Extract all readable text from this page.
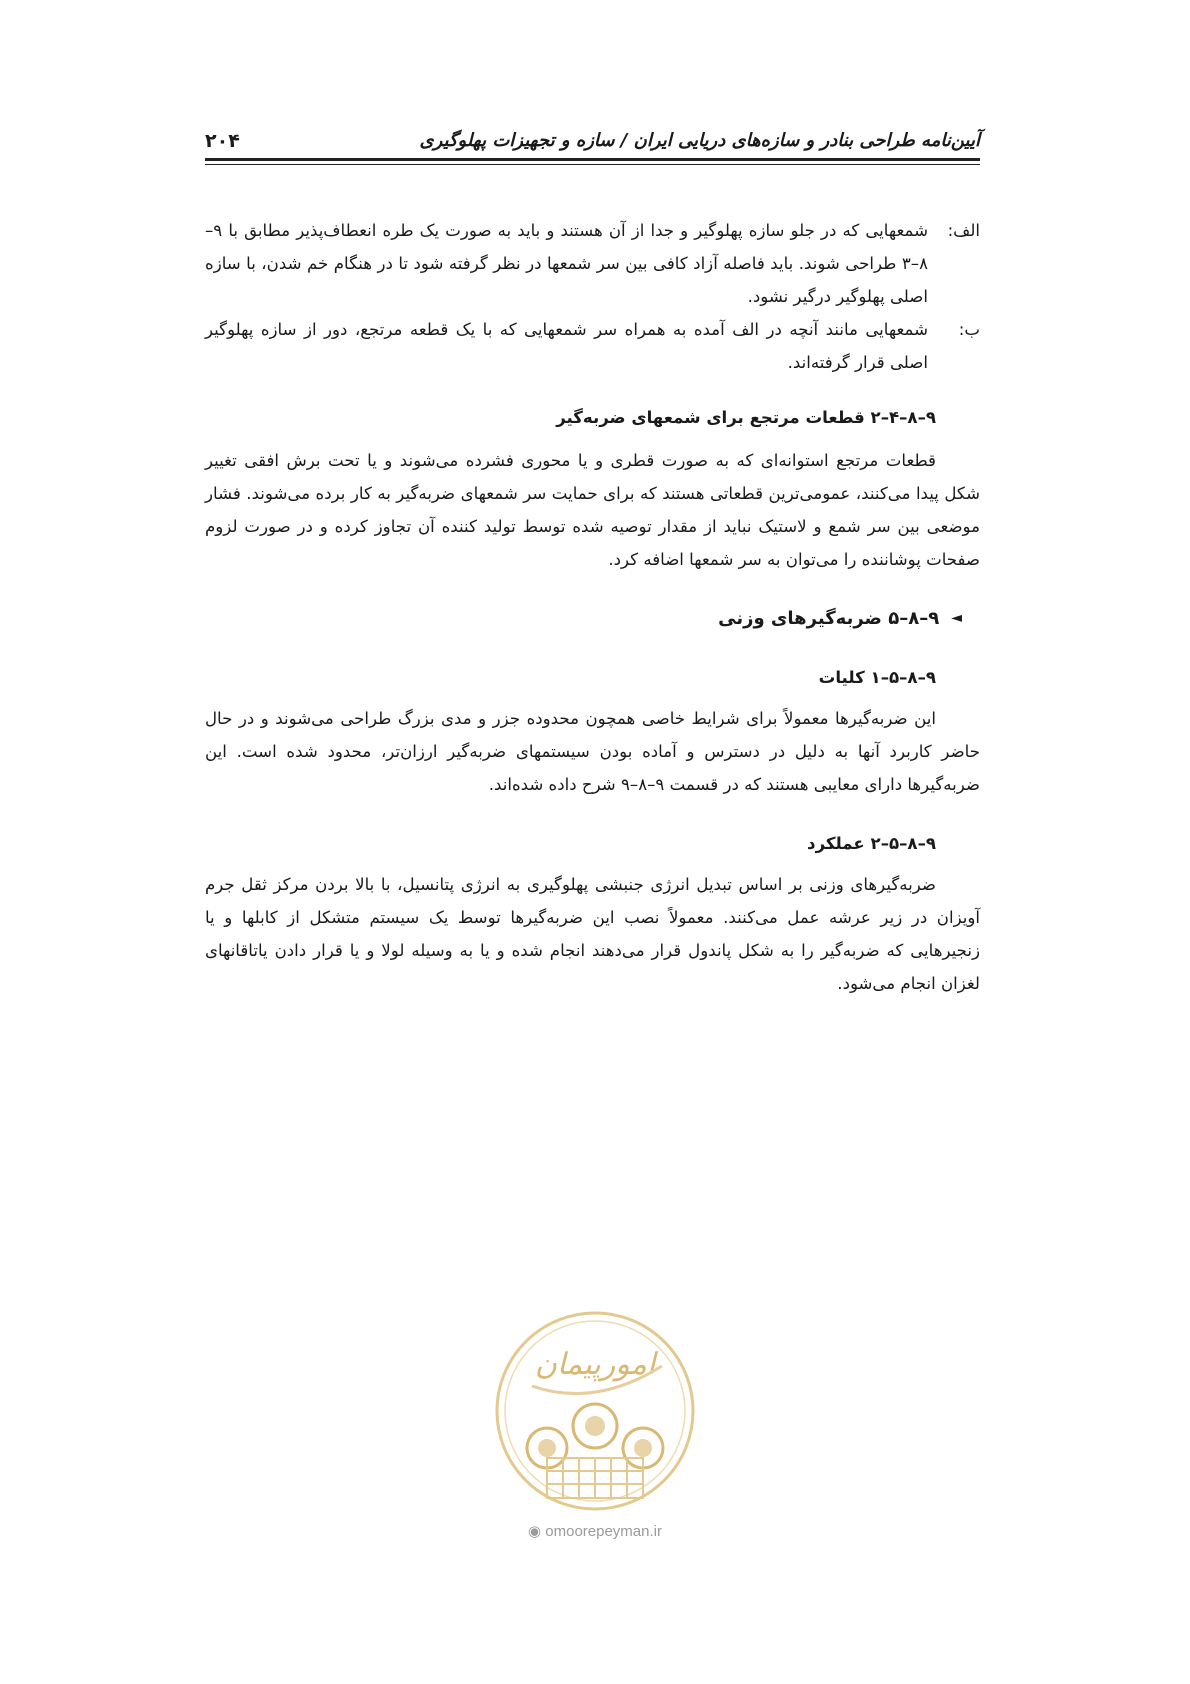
۲۰۴	آیین‌نامه طراحی بنادر و سازه‌های دریایی ایران / سازه و تجهیزات پهلوگیری
الف:

شمعهایی که در جلو سازه پهلوگیر و جدا از آن هستند و باید به صورت یک طره انعطاف‌پذیر مطابق با ۹–۸–۳ طراحی شوند. باید فاصله آزاد کافی بین سر شمعها در نظر گرفته شود تا در هنگام خم شدن، با سازه اصلی پهلوگیر درگیر نشود.

ب:

شمعهایی مانند آنچه در الف آمده به همراه سر شمعهایی که با یک قطعه مرتجع، دور از سازه پهلوگیر اصلی قرار گرفته‌اند.

۹–۸–۴–۲ قطعات مرتجع برای شمعهای ضربه‌گیر

قطعات مرتجع استوانه‌ای که به صورت قطری و یا محوری فشرده می‌شوند و یا تحت برش افقی تغییر شکل پیدا می‌کنند، عمومی‌ترین قطعاتی هستند که برای حمایت سر شمعهای ضربه‌گیر به کار برده می‌شوند. فشار موضعی بین سر شمع و لاستیک نباید از مقدار توصیه شده توسط تولید کننده آن تجاوز کرده و در صورت لزوم صفحات پوشاننده را می‌توان به سر شمعها اضافه کرد.

◄
۹–۸–۵ ضربه‌گیرهای وزنی
۹–۸–۵–۱ کلیات

این ضربه‌گیرها معمولاً برای شرایط خاصی همچون محدوده جزر و مدی بزرگ طراحی می‌شوند و در حال حاضر کاربرد آنها به دلیل در دسترس و آماده بودن سیستمهای ضربه‌گیر ارزان‌تر، محدود شده است. این ضربه‌گیرها دارای معایبی هستند که در قسمت ۹–۸–۹ شرح داده شده‌اند.

۹–۸–۵–۲ عملکرد

ضربه‌گیرهای وزنی بر اساس تبدیل انرژی جنبشی پهلوگیری به انرژی پتانسیل، با بالا بردن مرکز ثقل جرم آویزان در زیر عرشه عمل می‌کنند. معمولاً نصب این ضربه‌گیرها توسط یک سیستم متشکل از کابلها و یا زنجیرهایی که ضربه‌گیر را به شکل پاندول قرار می‌دهند انجام شده و یا به وسیله لولا و یا قرار دادن یاتاقانهای لغزان انجام می‌شود.

امورپیمان
◉ omoorepeyman.ir
